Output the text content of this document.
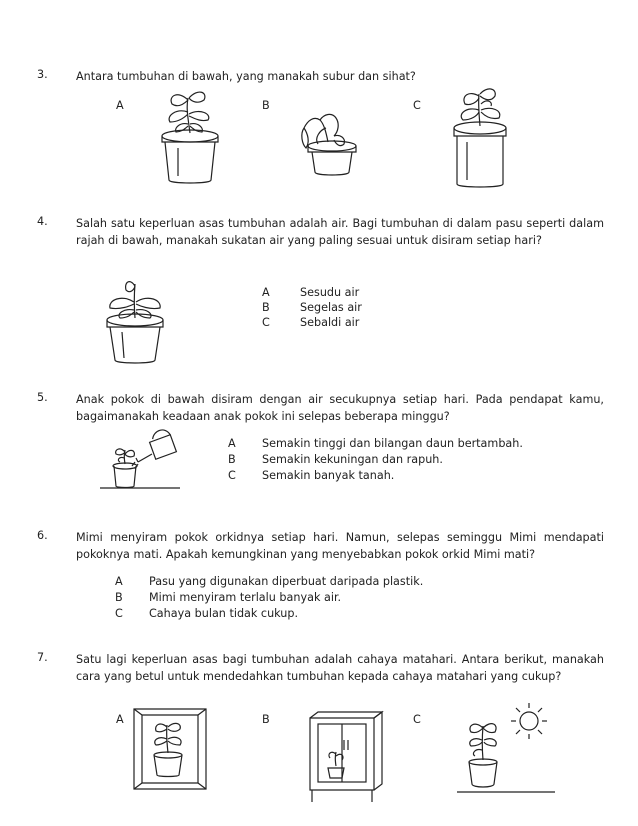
3.	Antara tumbuhan di bawah, yang manakah subur dan sihat?
A	B	C
4.	Salah satu keperluan asas tumbuhan adalah air. Bagi tumbuhan di dalam pasu seperti dalam rajah di bawah, manakah sukatan air yang paling sesuai untuk disiram setiap hari?
A	Sesudu air
B	Segelas air
C	Sebaldi air
5.	Anak pokok di bawah disiram dengan air secukupnya setiap hari. Pada pendapat kamu, bagaimanakah keadaan anak pokok ini selepas beberapa minggu?
A Semakin tinggi dan bilangan daun bertambah.
B Semakin kekuningan dan rapuh.
C Semakin banyak tanah.
6.	Mimi menyiram pokok orkidnya setiap hari. Namun, selepas seminggu Mimi mendapati pokoknya mati. Apakah kemungkinan yang menyebabkan pokok orkid Mimi mati?
A Pasu yang digunakan diperbuat daripada plastik.
B Mimi menyiram terlalu banyak air.
C Cahaya bulan tidak cukup.
7.	Satu lagi keperluan asas bagi tumbuhan adalah cahaya matahari. Antara berikut, manakah cara yang betul untuk mendedahkan tumbuhan kepada cahaya matahari yang cukup?
A	B	C
